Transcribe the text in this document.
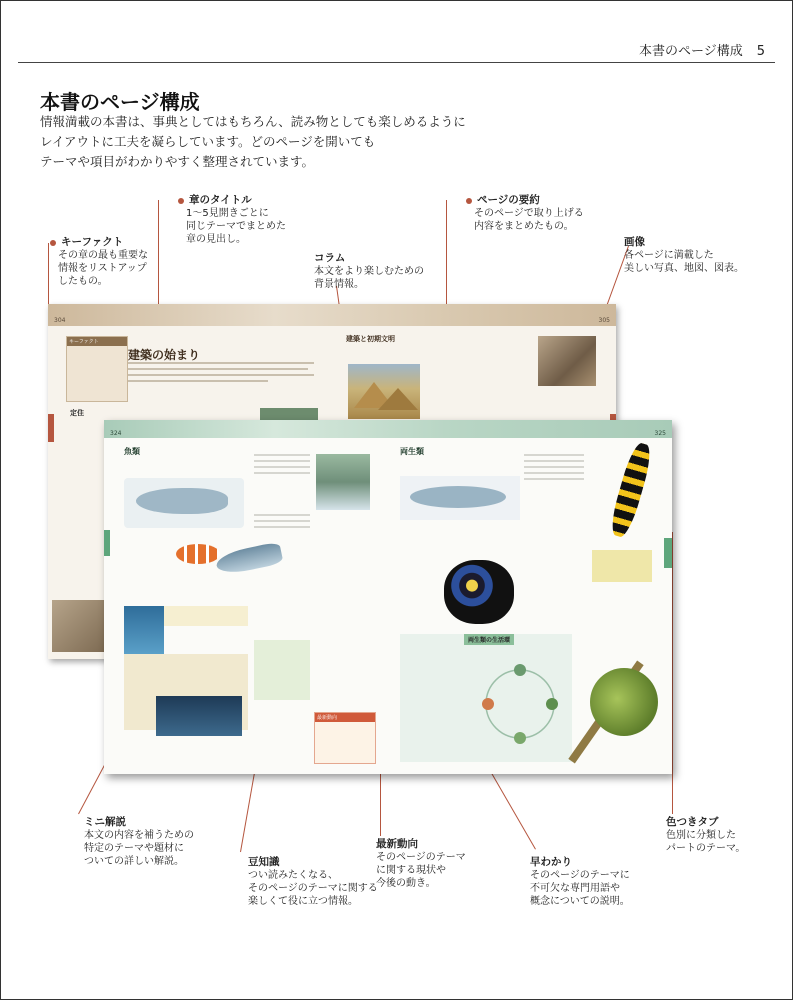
本書のページ構成 5
本書のページ構成
情報満載の本書は、事典としてはもちろん、読み物としても楽しめるように
レイアウトに工夫を凝らしています。どのページを開いても
テーマや項目がわかりやすく整理されています。
304	305
キーファクト
建築の始まり
建築と初期文明
定住
324	325
魚類	両生類
最新動向
両生類の生活環
キーファクト
その章の最も重要な
情報をリストアップ
したもの。
章のタイトル
1～5見開きごとに
同じテーマでまとめた
章の見出し。
コラム
本文をより楽しむための
背景情報。
ページの要約
そのページで取り上げる
内容をまとめたもの。
画像
各ページに満載した
美しい写真、地図、図表。
ミニ解説
本文の内容を補うための
特定のテーマや題材に
ついての詳しい解説。	豆知識
つい読みたくなる、
そのページのテーマに関する
楽しくて役に立つ情報。
最新動向
そのページのテーマ
に関する現状や
今後の動き。
早わかり
そのページのテーマに
不可欠な専門用語や
概念についての説明。
色つきタブ
色別に分類した
パートのテーマ。
